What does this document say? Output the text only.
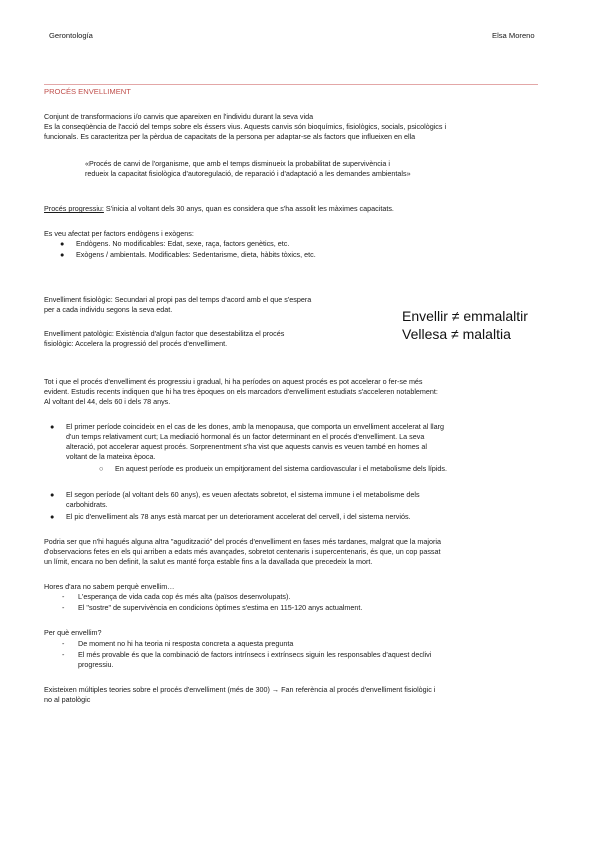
Gerontología	Elsa Moreno
PROCÉS ENVELLIMENT
Conjunt de transformacions i/o canvis que apareixen en l'individu durant la seva vida
Es la conseqüència de l'acció del temps sobre els éssers vius. Aquests canvis són bioquímics, fisiològics, socials, psicològics i
funcionals. Es caracteritza per la pèrdua de capacitats de la persona per adaptar-se als factors que influeixen en ella
«Procés de canvi de l'organisme, que amb el temps disminueix la probabilitat de supervivència i
redueix la capacitat fisiològica d'autoregulació, de reparació i d'adaptació a les demandes ambientals»
Procés progressiu: S'inicia al voltant dels 30 anys, quan es considera que s'ha assolit les màximes capacitats.
Es veu afectat per factors endògens i exògens:
● Endògens. No modificables: Edat, sexe, raça, factors genètics, etc.
● Exògens / ambientals. Modificables: Sedentarisme, dieta, hàbits tòxics, etc.
Envelliment fisiològic: Secundari al propi pas del temps d'acord amb el que s'espera
per a cada individu segons la seva edat.
Envelliment patològic: Existència d'algun factor que desestabilitza el procés
fisiològic: Accelera la progressió del procés d'envelliment.
Envellir ≠ emmalaltir
Vellesa ≠ malaltia
Tot i que el procés d'envelliment és progressiu i gradual, hi ha períodes on aquest procés es pot accelerar o fer-se més
evident. Estudis recents indiquen que hi ha tres èpoques on els marcadors d'envelliment estudiats s'acceleren notablement:
Al voltant del 44, dels 60 i dels 78 anys.
● El primer període coincideix en el cas de les dones, amb la menopausa, que comporta un envelliment accelerat al llarg
d'un temps relativament curt; La mediació hormonal és un factor determinant en el procés d'envelliment. La seva
alteració, pot accelerar aquest procés. Sorprenentment s'ha vist que aquests canvis es veuen també en homes al
voltant de la mateixa època.
○ En aquest període es produeix un empitjorament del sistema cardiovascular i el metabolisme dels lípids.
● El segon període (al voltant dels 60 anys), es veuen afectats sobretot, el sistema immune i el metabolisme dels
carbohidrats.
● El pic d'envelliment als 78 anys està marcat per un deteriorament accelerat del cervell, i del sistema nerviós.
Podria ser que n'hi hagués alguna altra "agudització" del procés d'envelliment en fases més tardanes, malgrat que la majoria
d'observacions fetes en els qui arriben a edats més avançades, sobretot centenaris i supercentenaris, és que, un cop passat
un límit, encara no ben definit, la salut es manté força estable fins a la davallada que precedeix la mort.
Hores d'ara no sabem perquè envellim…
- L'esperança de vida cada cop és més alta (països desenvolupats).
- El "sostre" de supervivència en condicions òptimes s'estima en 115-120 anys actualment.
Per què envellim?
- De moment no hi ha teoria ni resposta concreta a aquesta pregunta
- El més provable és que la combinació de factors intrínsecs i extrínsecs siguin les responsables d'aquest declivi
progressiu.
Existeixen múltiples teories sobre el procés d'envelliment (més de 300) → Fan referència al procés d'envelliment fisiològic i
no al patològic
